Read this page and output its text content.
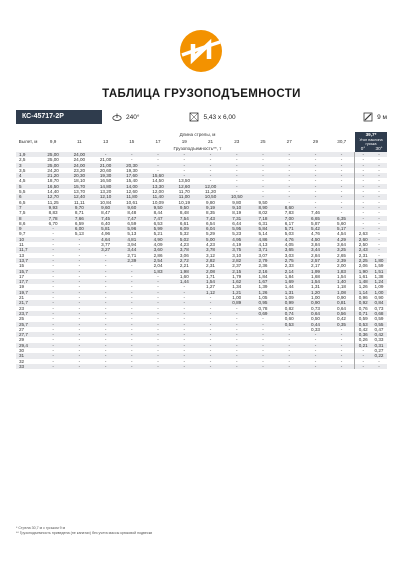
ТАБЛИЦА ГРУЗОПОДЪЕМНОСТИ
КС-45717-2Р	240°	5,43 х 6,00	9 м
Вылет, м	Длина стрелы, м												39,7*	
	9,9	11	13	15	17	19	21	23	25	27	29	30,7	Угол наклона гуська	
	Грузоподъемность**, т												0°	30°
1,9	25,00	24,00	-	-	-	-	-	-	-	-	-	-	-	-
2,5	25,00	24,00	21,00	-	-	-	-	-	-	-	-	-	-	-
3	25,00	24,00	21,00	20,30	-	-	-	-	-	-	-	-	-	-
3,5	24,20	23,20	20,60	19,30	-	-	-	-	-	-	-	-	-	-
4	21,20	20,30	19,30	17,60	15,60	-	-	-	-	-	-	-	-	-
4,5	18,70	18,10	16,50	15,40	14,50	13,50	-	-	-	-	-	-	-	-
5	16,50	15,70	14,80	14,00	13,30	12,60	12,00	-	-	-	-	-	-	-
5,5	14,40	13,70	13,20	12,60	12,00	11,70	11,20	-	-	-	-	-	-	-
6	12,70	12,40	12,10	11,80	11,40	11,00	10,50	10,50	-	-	-	-	-	-
6,5	11,25	11,11	10,84	10,61	10,09	10,19	9,80	9,80	9,50	-	-	-	-	-
7	9,93	9,70	9,60	9,60	9,50	9,50	9,19	9,10	8,90	8,60	-	-	-	-
7,5	8,83	8,71	8,47	8,48	8,44	8,48	8,35	8,19	8,02	7,83	7,46	-	-	-
8	7,78	7,66	7,45	7,47	7,47	7,54	7,43	7,31	7,18	7,00	6,65	6,35	-	-
8,6	6,70	6,59	6,40	6,59	6,53	6,61	6,54	6,44	6,31	6,17	5,87	5,60	-	-
9	-	6,00	5,81	5,96	5,99	6,09	6,04	5,95	5,84	5,71	5,42	5,17	-	-
9,7	-	5,13	4,96	5,13	5,21	5,32	5,29	5,23	5,14	5,03	4,76	4,54	2,63	-
10	-	-	4,64	4,81	4,90	5,02	5,00	4,95	4,86	4,76	4,50	4,29	2,60	-
11	-	-	3,77	3,94	4,09	4,23	4,23	4,19	4,13	4,05	3,84	3,64	2,50	-
11,7	-	-	3,27	3,44	3,60	3,78	3,78	3,75	3,71	3,65	3,44	3,25	2,43	-
13	-	-	-	2,71	2,86	3,06	3,12	3,10	3,07	3,03	2,84	2,65	2,31	-
13,7	-	-	-	2,39	2,54	2,72	2,82	2,82	2,79	2,75	2,57	2,39	2,25	1,80
15	-	-	-	-	2,04	2,21	2,31	2,37	2,36	2,33	2,17	2,00	2,06	1,59
15,7	-	-	-	-	1,83	1,98	2,08	2,15	2,16	2,14	1,99	1,83	1,90	1,51
17	-	-	-	-	-	1,60	1,71	1,79	1,84	1,84	1,68	1,54	1,61	1,38
17,7	-	-	-	-	-	1,44	1,54	1,62	1,67	1,69	1,54	1,40	1,48	1,24
19	-	-	-	-	-	-	1,27	1,34	1,39	1,44	1,31	1,18	1,26	1,09
19,7	-	-	-	-	-	-	1,12	1,21	1,26	1,31	1,20	1,08	1,14	1,00
21	-	-	-	-	-	-	-	1,00	1,05	1,09	1,00	0,90	0,96	0,90
21,7	-	-	-	-	-	-	-	0,89	0,95	0,99	0,90	0,81	0,92	0,84
23	-	-	-	-	-	-	-	-	0,78	0,82	0,73	0,64	0,76	0,73
23,7	-	-	-	-	-	-	-	-	0,69	0,74	0,64	0,56	0,71	0,68
25	-	-	-	-	-	-	-	-	-	0,60	0,50	0,42	0,59	0,59
25,7	-	-	-	-	-	-	-	-	-	0,53	0,44	0,35	0,53	0,55
27	-	-	-	-	-	-	-	-	-	-	0,33	-	0,42	0,47
27,7	-	-	-	-	-	-	-	-	-	-	-	-	0,36	0,42
29	-	-	-	-	-	-	-	-	-	-	-	-	0,26	0,33
29,4	-	-	-	-	-	-	-	-	-	-	-	-	0,21	0,31
30	-	-	-	-	-	-	-	-	-	-	-	-	-	0,27
31	-	-	-	-	-	-	-	-	-	-	-	-	-	0,22
32	-	-	-	-	-	-	-	-	-	-	-	-	-	-
33	-	-	-	-	-	-	-	-	-	-	-	-	-	-
* Стрела 30,7 м с гуськом 9 м
** Грузоподъемность приведена (не канатах) без учета массы крюковой подвески
